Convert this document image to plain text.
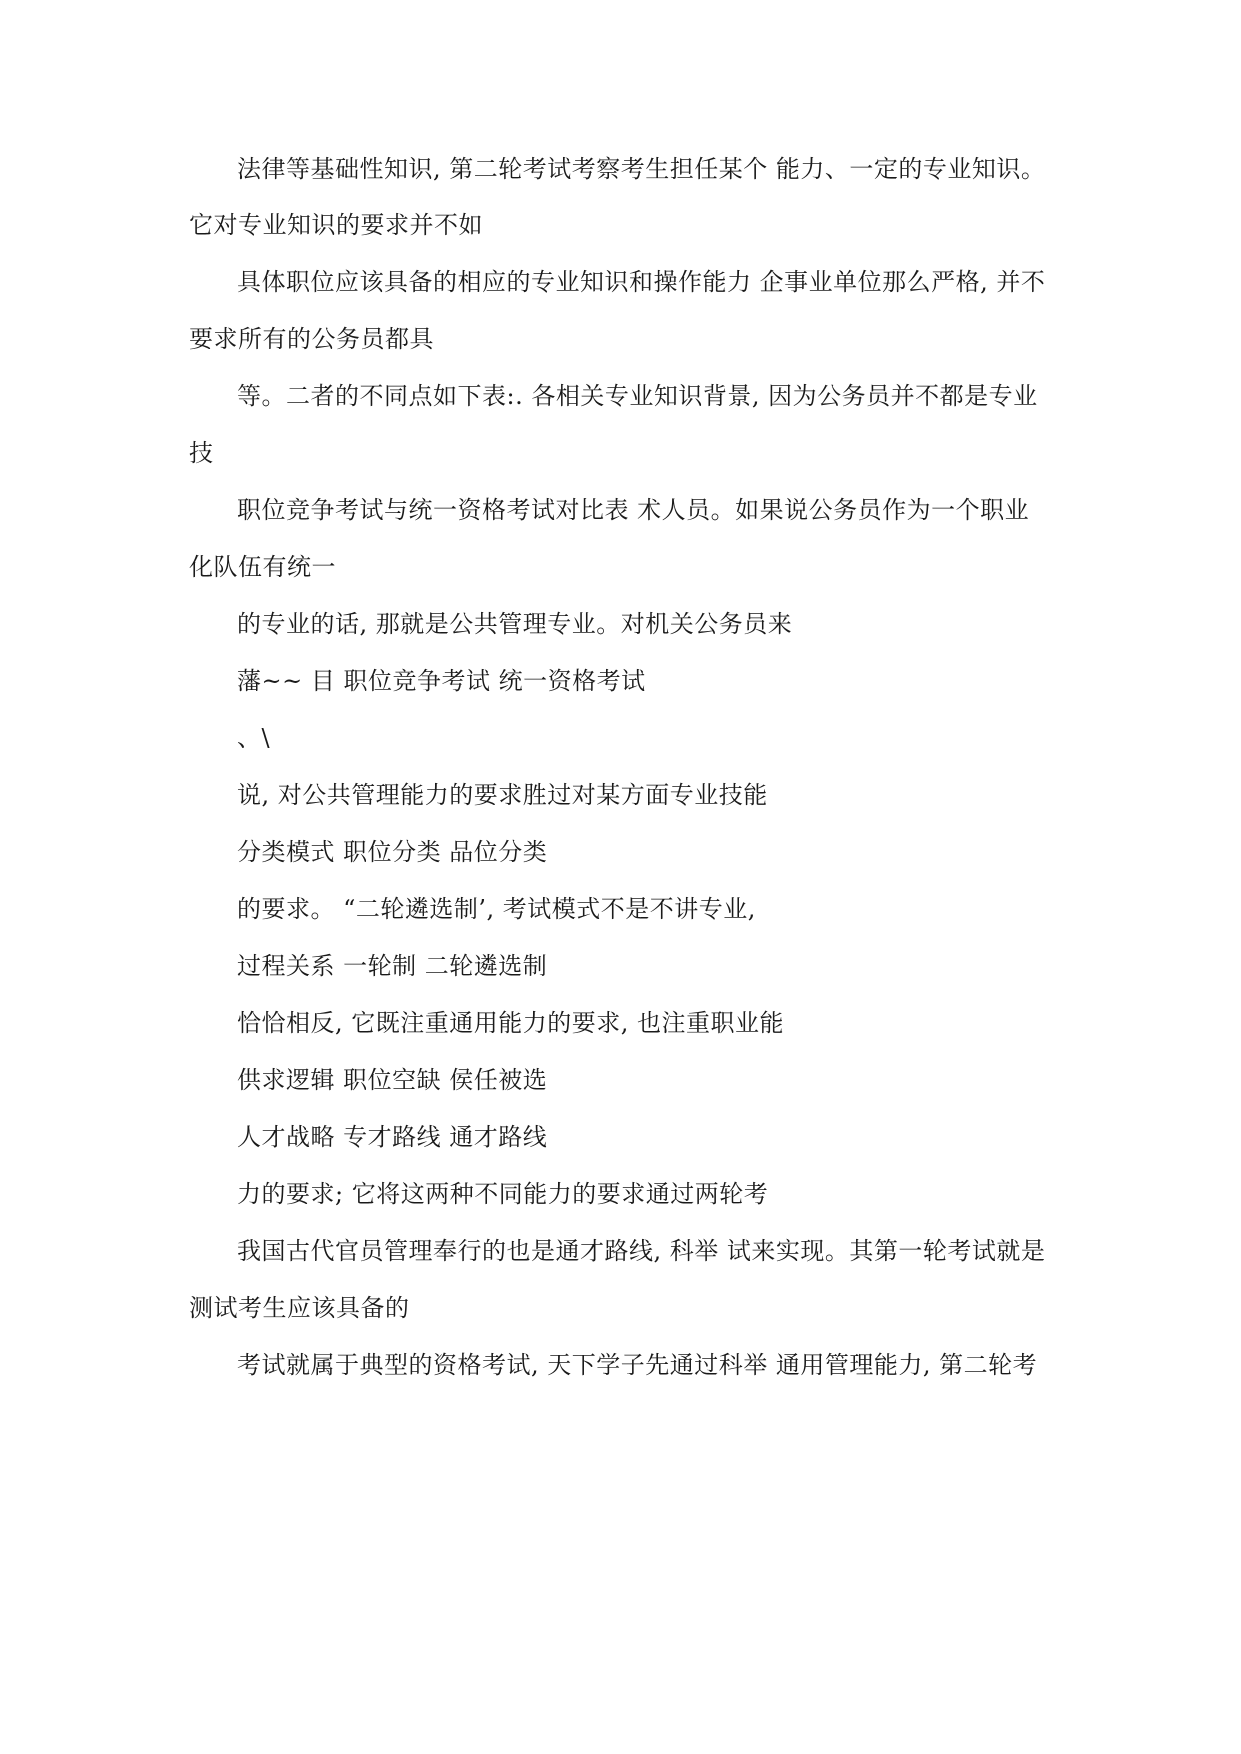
法律等基础性知识, 第二轮考试考察考生担任某个 能力、一定的专业知识。
它对专业知识的要求并不如
具体职位应该具备的相应的专业知识和操作能力 企事业单位那么严格, 并不
要求所有的公务员都具
等。二者的不同点如下表:. 各相关专业知识背景, 因为公务员并不都是专业
技
职位竞争考试与统一资格考试对比表 术人员。如果说公务员作为一个职业
化队伍有统一
的专业的话, 那就是公共管理专业。对机关公务员来
藩~~ 目 职位竞争考试 统一资格考试
、\
说, 对公共管理能力的要求胜过对某方面专业技能
分类模式 职位分类 品位分类
的要求。 “二轮遴选制’, 考试模式不是不讲专业,
过程关系 一轮制 二轮遴选制
恰恰相反, 它既注重通用能力的要求, 也注重职业能
供求逻辑 职位空缺 侯任被选
人才战略 专才路线 通才路线
力的要求; 它将这两种不同能力的要求通过两轮考
我国古代官员管理奉行的也是通才路线, 科举 试来实现。其第一轮考试就是
测试考生应该具备的
考试就属于典型的资格考试, 天下学子先通过科举 通用管理能力, 第二轮考
